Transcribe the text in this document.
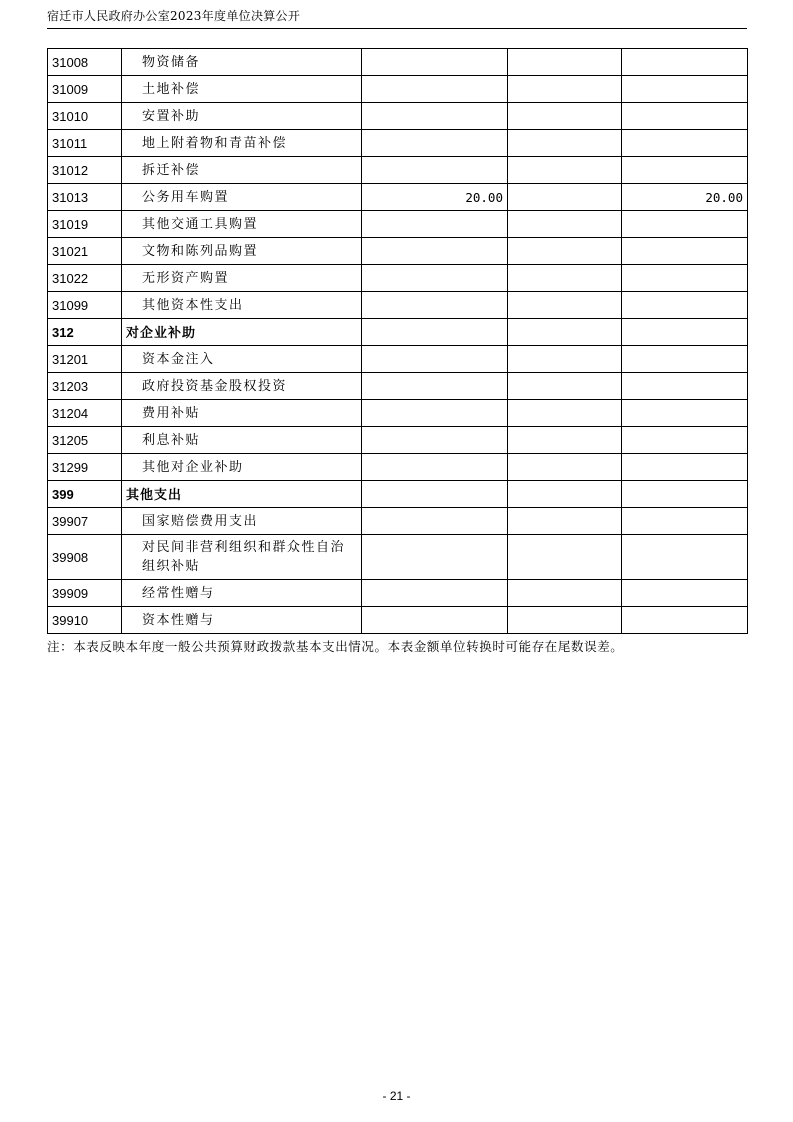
宿迁市人民政府办公室2023年度单位决算公开
31008	物资储备			
31009	土地补偿			
31010	安置补助			
31011	地上附着物和青苗补偿			
31012	拆迁补偿			
31013	公务用车购置	20.00		20.00
31019	其他交通工具购置			
31021	文物和陈列品购置			
31022	无形资产购置			
31099	其他资本性支出			
312	对企业补助			
31201	资本金注入			
31203	政府投资基金股权投资			
31204	费用补贴			
31205	利息补贴			
31299	其他对企业补助			
399	其他支出			
39907	国家赔偿费用支出			
39908	对民间非营利组织和群众性自治组织补贴			
39909	经常性赠与			
39910	资本性赠与			
注：本表反映本年度一般公共预算财政拨款基本支出情况。本表金额单位转换时可能存在尾数误差。
- 21 -
